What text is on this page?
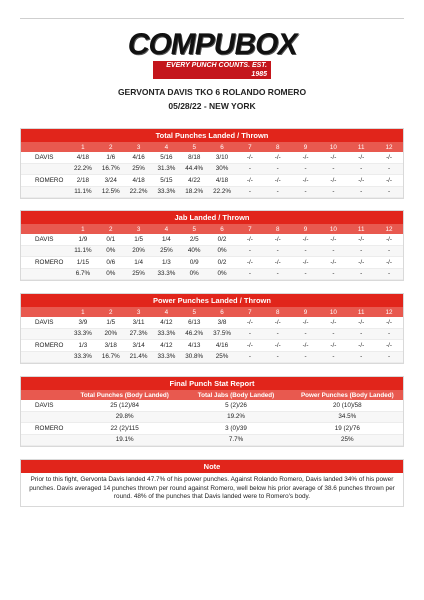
COMPUBOX
EVERY PUNCH COUNTS. EST. 1985
GERVONTA DAVIS TKO 6 ROLANDO ROMERO
05/28/22 - NEW YORK
Total Punches Landed / Thrown
	1	2	3	4	5	6	7	8	9	10	11	12
DAVIS	4/18	1/6	4/16	5/16	8/18	3/10	-/-	-/-	-/-	-/-	-/-	-/-
	22.2%	16.7%	25%	31.3%	44.4%	30%	-	-	-	-	-	-
ROMERO	2/18	3/24	4/18	5/15	4/22	4/18	-/-	-/-	-/-	-/-	-/-	-/-
	11.1%	12.5%	22.2%	33.3%	18.2%	22.2%	-	-	-	-	-	-
Jab Landed / Thrown
	1	2	3	4	5	6	7	8	9	10	11	12
DAVIS	1/9	0/1	1/5	1/4	2/5	0/2	-/-	-/-	-/-	-/-	-/-	-/-
	11.1%	0%	20%	25%	40%	0%	-	-	-	-	-	-
ROMERO	1/15	0/6	1/4	1/3	0/9	0/2	-/-	-/-	-/-	-/-	-/-	-/-
	6.7%	0%	25%	33.3%	0%	0%	-	-	-	-	-	-
Power Punches Landed / Thrown
	1	2	3	4	5	6	7	8	9	10	11	12
DAVIS	3/9	1/5	3/11	4/12	6/13	3/8	-/-	-/-	-/-	-/-	-/-	-/-
	33.3%	20%	27.3%	33.3%	46.2%	37.5%	-	-	-	-	-	-
ROMERO	1/3	3/18	3/14	4/12	4/13	4/16	-/-	-/-	-/-	-/-	-/-	-/-
	33.3%	16.7%	21.4%	33.3%	30.8%	25%	-	-	-	-	-	-
Final Punch Stat Report
	Total Punches (Body Landed)	Total Jabs (Body Landed)	Power Punches (Body Landed)
DAVIS	25 (12)/84	5 (2)/26	20 (10)/58
	29.8%	19.2%	34.5%
ROMERO	22 (2)/115	3 (0)/39	19 (2)/76
	19.1%	7.7%	25%
Note
Prior to this fight, Gervonta Davis landed 47.7% of his power punches. Against Rolando Romero, Davis landed 34% of his power punches. Davis averaged 14 punches thrown per round against Romero, well below his prior average of 38.6 punches thrown per round. 48% of the punches that Davis landed were to Romero's body.
